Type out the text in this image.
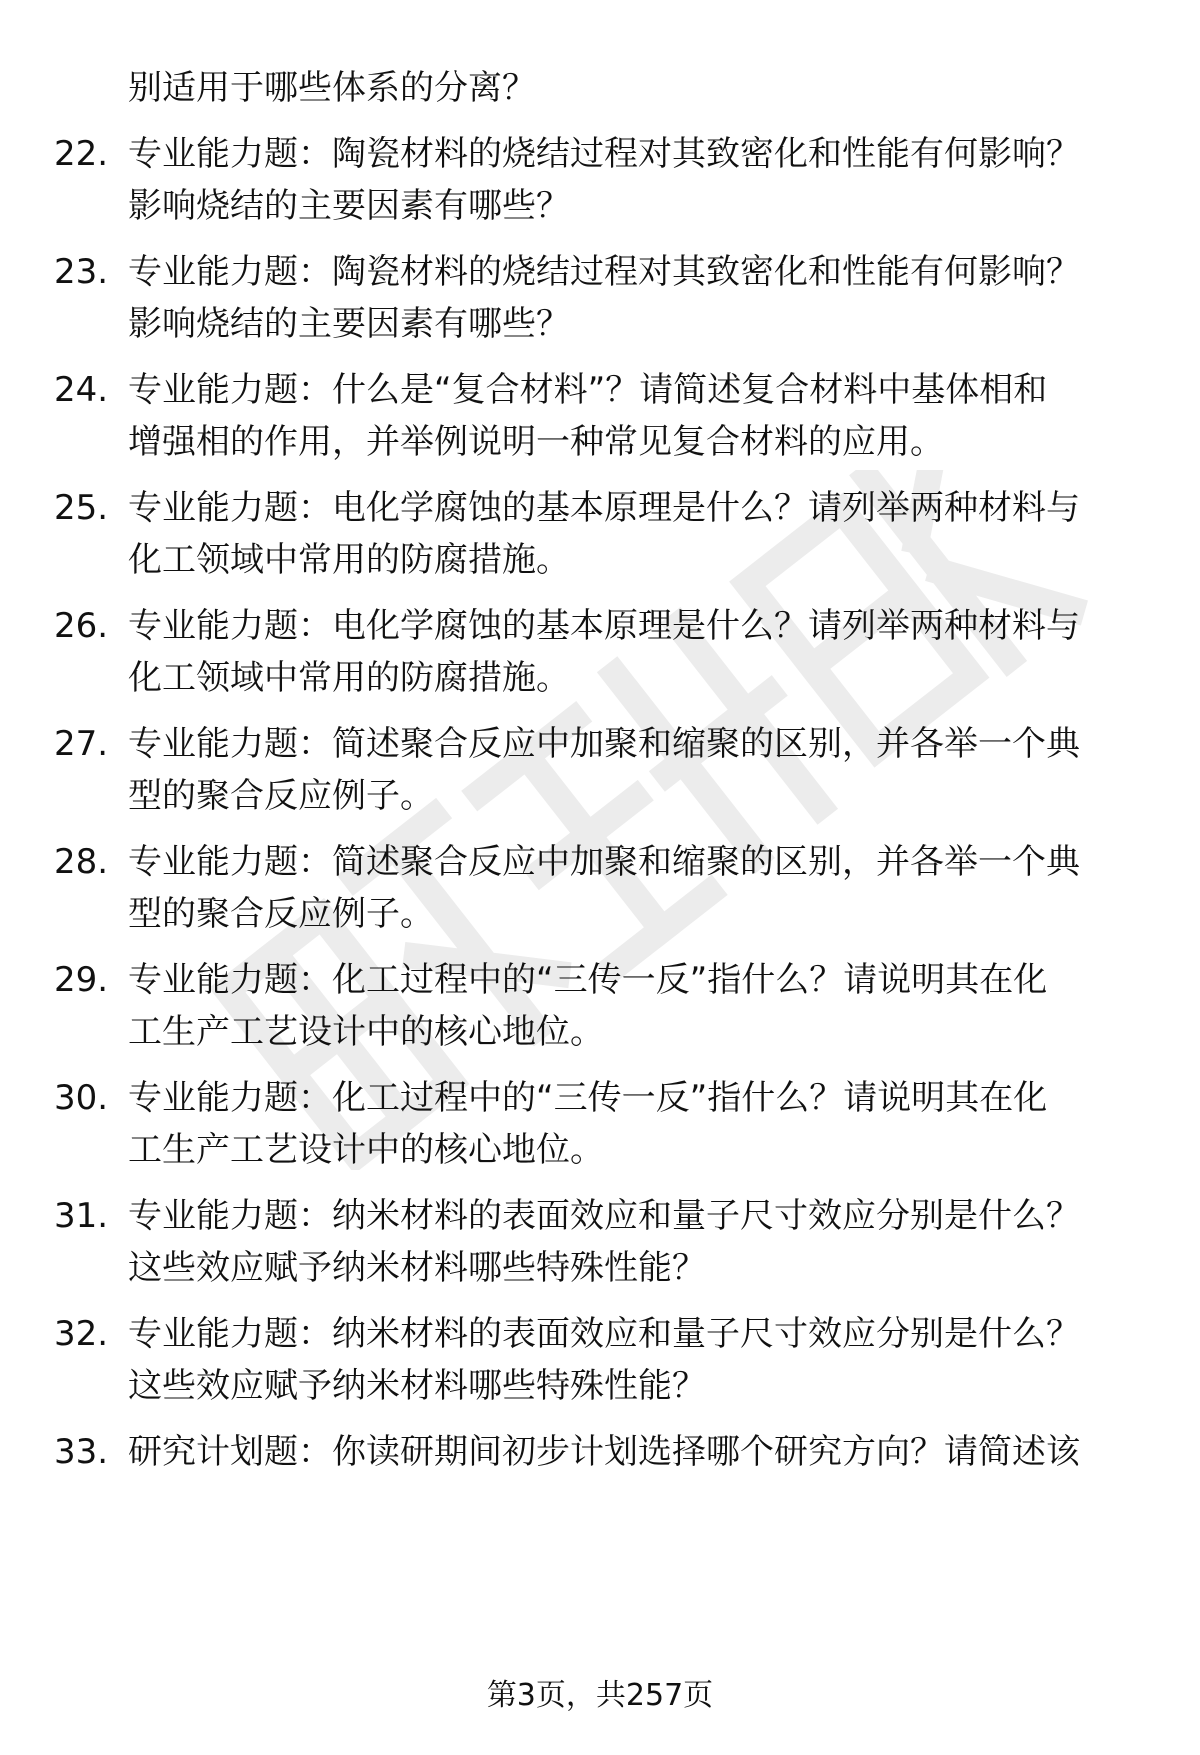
别适用于哪些体系的分离？
22. 专业能力题：陶瓷材料的烧结过程对其致密化和性能有何影响？
影响烧结的主要因素有哪些？
23. 专业能力题：陶瓷材料的烧结过程对其致密化和性能有何影响？
影响烧结的主要因素有哪些？
24. 专业能力题：什么是“复合材料”？请简述复合材料中基体相和
增强相的作用，并举例说明一种常见复合材料的应用。
25. 专业能力题：电化学腐蚀的基本原理是什么？请列举两种材料与
化工领域中常用的防腐措施。
26. 专业能力题：电化学腐蚀的基本原理是什么？请列举两种材料与
化工领域中常用的防腐措施。
27. 专业能力题：简述聚合反应中加聚和缩聚的区别，并各举一个典
型的聚合反应例子。
28. 专业能力题：简述聚合反应中加聚和缩聚的区别，并各举一个典
型的聚合反应例子。
29. 专业能力题：化工过程中的“三传一反”指什么？请说明其在化
工生产工艺设计中的核心地位。
30. 专业能力题：化工过程中的“三传一反”指什么？请说明其在化
工生产工艺设计中的核心地位。
31. 专业能力题：纳米材料的表面效应和量子尺寸效应分别是什么？
这些效应赋予纳米材料哪些特殊性能？
32. 专业能力题：纳米材料的表面效应和量子尺寸效应分别是什么？
这些效应赋予纳米材料哪些特殊性能？
33. 研究计划题：你读研期间初步计划选择哪个研究方向？请简述该
第3页，共257页
